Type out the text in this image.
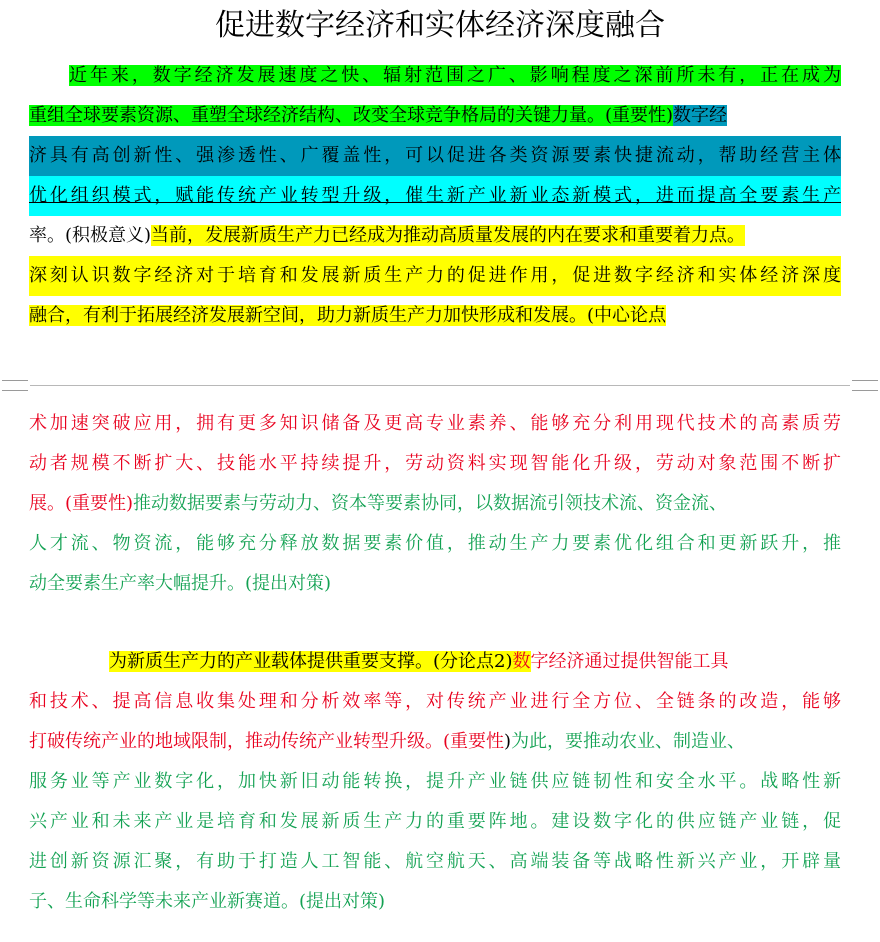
促进数字经济和实体经济深度融合
近年来，数字经济发展速度之快、辐射范围之广、影响程度之深前所未有，正在成为
重组全球要素资源、重塑全球经济结构、改变全球竞争格局的关键力量。(重要性)数字经
济具有高创新性、强渗透性、广覆盖性，可以促进各类资源要素快捷流动，帮助经营主体
优化组织模式，赋能传统产业转型升级，催生新产业新业态新模式，进而提高全要素生产
率。(积极意义)当前，发展新质生产力已经成为推动高质量发展的内在要求和重要着力点。
深刻认识数字经济对于培育和发展新质生产力的促进作用，促进数字经济和实体经济深度
融合，有利于拓展经济发展新空间，助力新质生产力加快形成和发展。(中心论点
术加速突破应用，拥有更多知识储备及更高专业素养、能够充分利用现代技术的高素质劳
动者规模不断扩大、技能水平持续提升，劳动资料实现智能化升级，劳动对象范围不断扩
展。(重要性)推动数据要素与劳动力、资本等要素协同，以数据流引领技术流、资金流、
人才流、物资流，能够充分释放数据要素价值，推动生产力要素优化组合和更新跃升，推
动全要素生产率大幅提升。(提出对策)
为新质生产力的产业载体提供重要支撑。(分论点2)数字经济通过提供智能工具
和技术、提高信息收集处理和分析效率等，对传统产业进行全方位、全链条的改造，能够
打破传统产业的地域限制，推动传统产业转型升级。(重要性)为此，要推动农业、制造业、
服务业等产业数字化，加快新旧动能转换，提升产业链供应链韧性和安全水平。战略性新
兴产业和未来产业是培育和发展新质生产力的重要阵地。建设数字化的供应链产业链，促
进创新资源汇聚，有助于打造人工智能、航空航天、高端装备等战略性新兴产业，开辟量
子、生命科学等未来产业新赛道。(提出对策)
